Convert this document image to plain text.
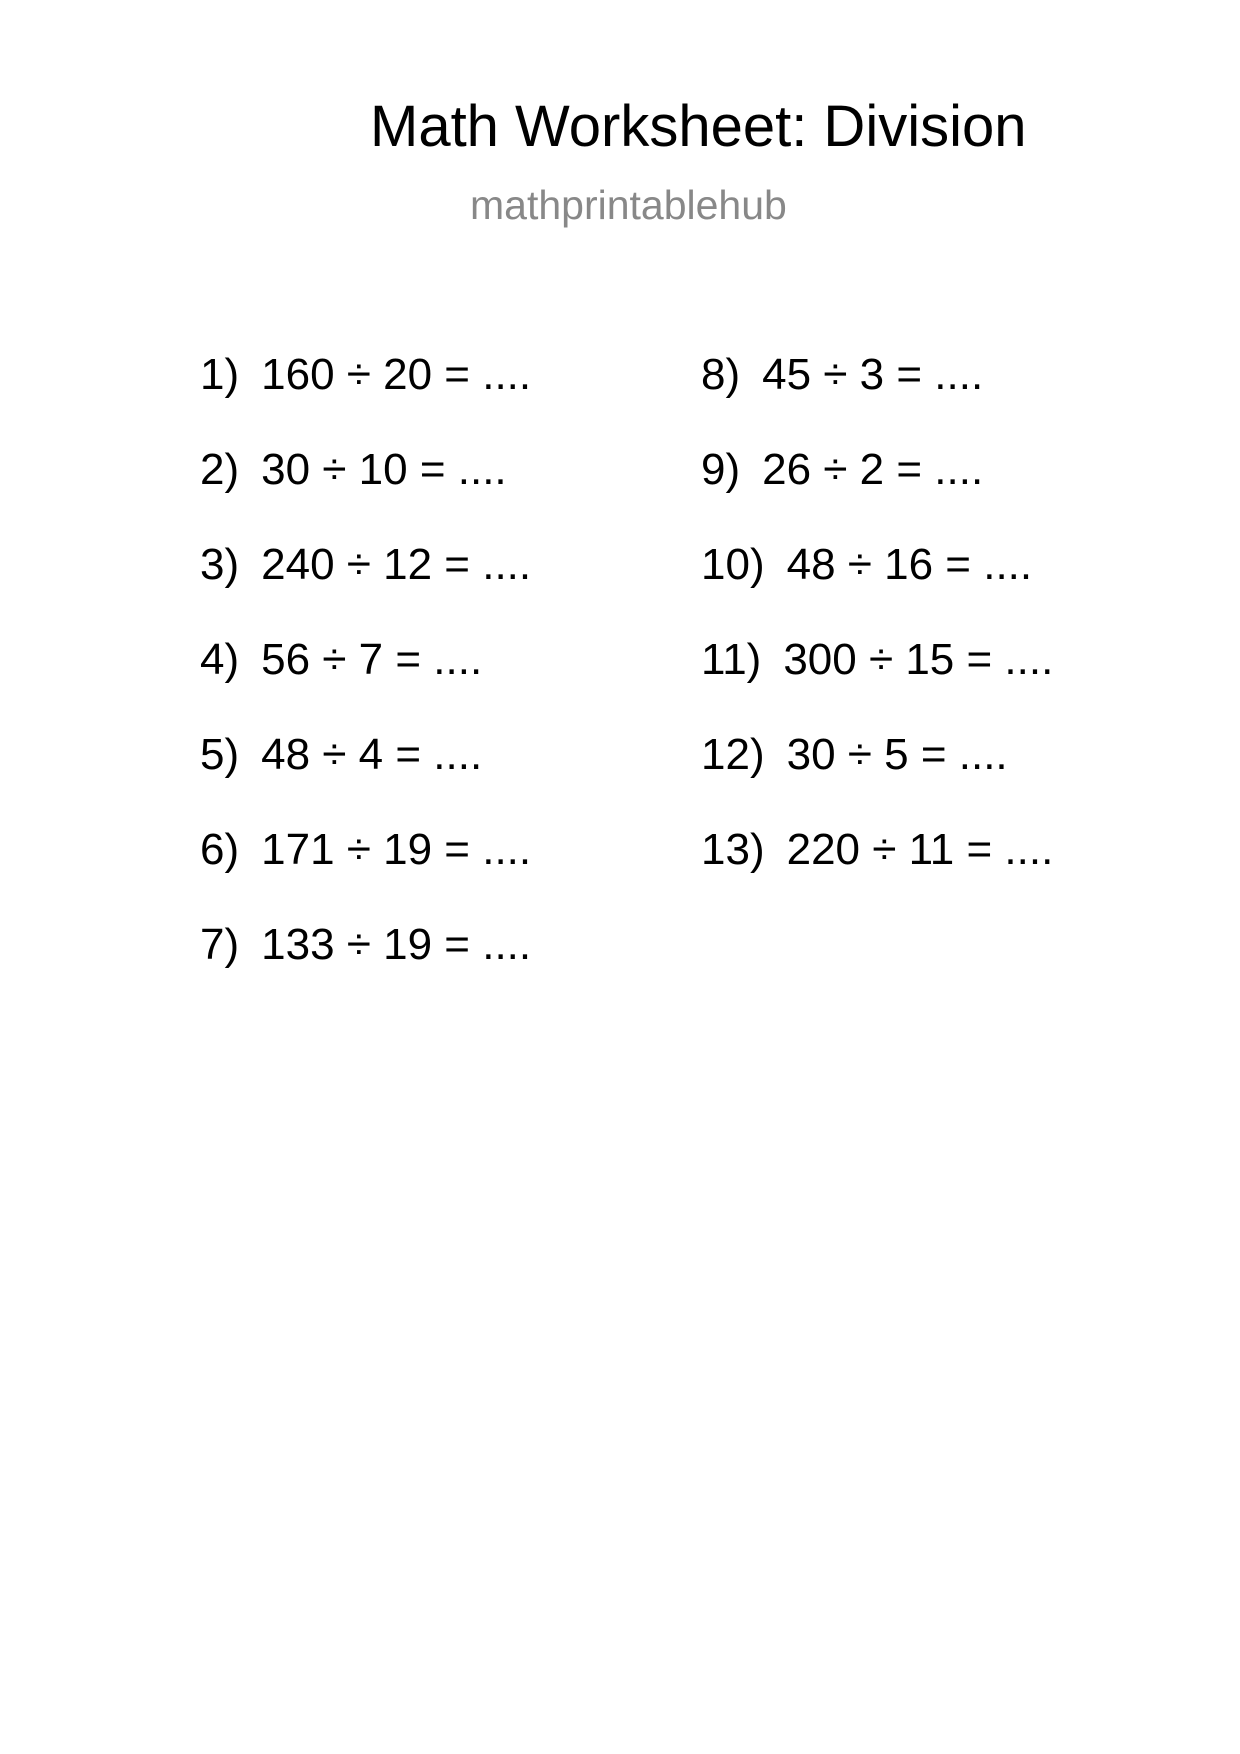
Math Worksheet: Division
mathprintablehub
1) 160 ÷ 20 = ....
2) 30 ÷ 10 = ....
3) 240 ÷ 12 = ....
4) 56 ÷ 7 = ....
5) 48 ÷ 4 = ....
6) 171 ÷ 19 = ....
7) 133 ÷ 19 = ....
8) 45 ÷ 3 = ....
9) 26 ÷ 2 = ....
10) 48 ÷ 16 = ....
11) 300 ÷ 15 = ....
12) 30 ÷ 5 = ....
13) 220 ÷ 11 = ....
